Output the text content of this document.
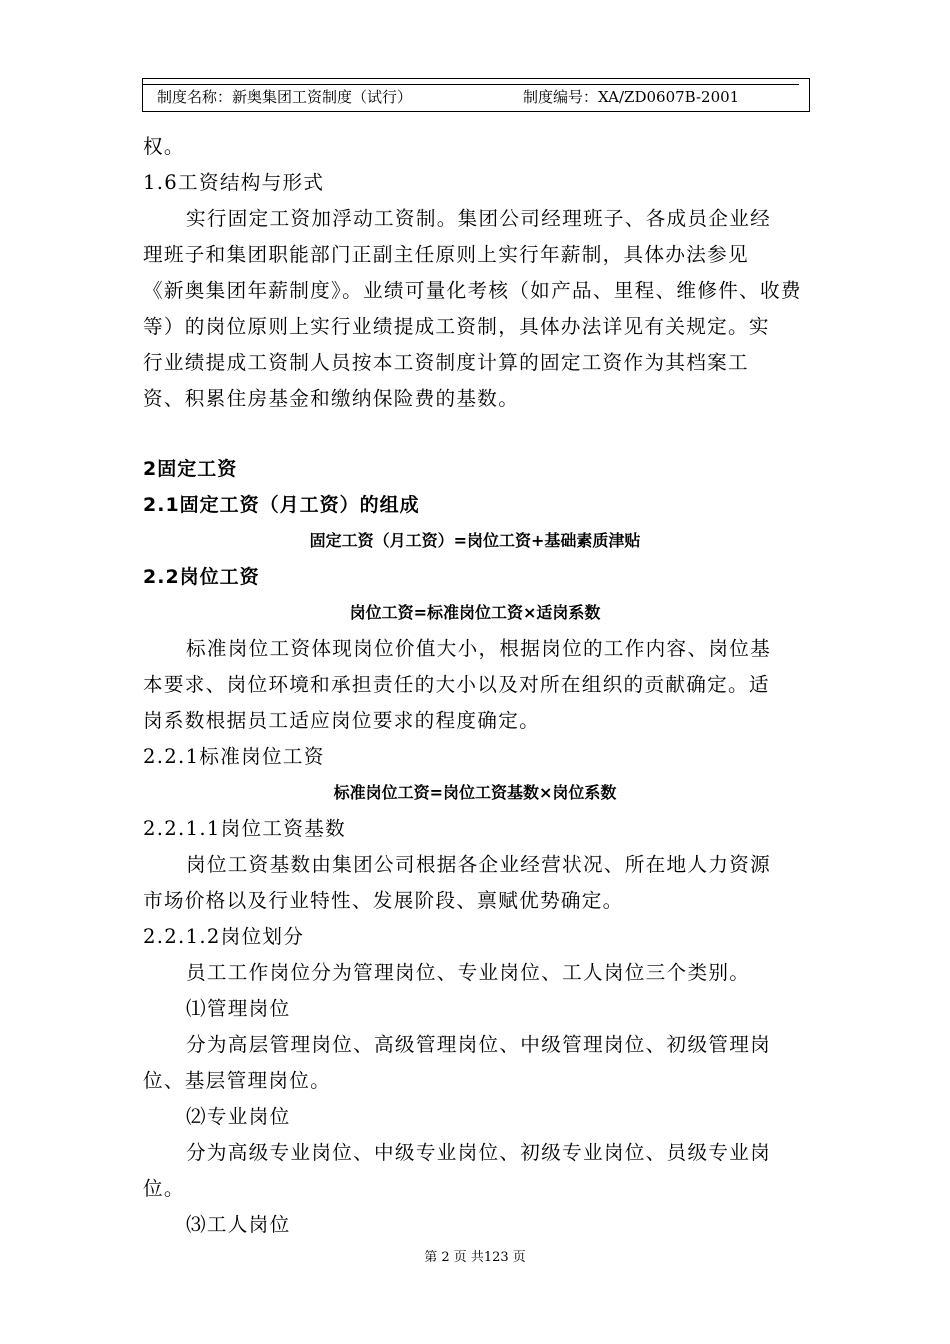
制度名称：新奥集团工资制度（试行）	制度编号：XA/ZD0607B-2001

权。

1.6工资结构与形式

实行固定工资加浮动工资制。集团公司经理班子、各成员企业经

理班子和集团职能部门正副主任原则上实行年薪制，具体办法参见

《新奥集团年薪制度》。业绩可量化考核（如产品、里程、维修件、收费

等）的岗位原则上实行业绩提成工资制，具体办法详见有关规定。实

行业绩提成工资制人员按本工资制度计算的固定工资作为其档案工

资、积累住房基金和缴纳保险费的基数。

2固定工资

2.1固定工资（月工资）的组成

固定工资（月工资）=岗位工资+基础素质津贴

2.2岗位工资

岗位工资=标准岗位工资×适岗系数

标准岗位工资体现岗位价值大小，根据岗位的工作内容、岗位基

本要求、岗位环境和承担责任的大小以及对所在组织的贡献确定。适

岗系数根据员工适应岗位要求的程度确定。

2.2.1标准岗位工资

标准岗位工资=岗位工资基数×岗位系数

2.2.1.1岗位工资基数

岗位工资基数由集团公司根据各企业经营状况、所在地人力资源

市场价格以及行业特性、发展阶段、禀赋优势确定。

2.2.1.2岗位划分

员工工作岗位分为管理岗位、专业岗位、工人岗位三个类别。

⑴管理岗位

分为高层管理岗位、高级管理岗位、中级管理岗位、初级管理岗

位、基层管理岗位。

⑵专业岗位

分为高级专业岗位、中级专业岗位、初级专业岗位、员级专业岗

位。

⑶工人岗位

第 2 页 共123 页
